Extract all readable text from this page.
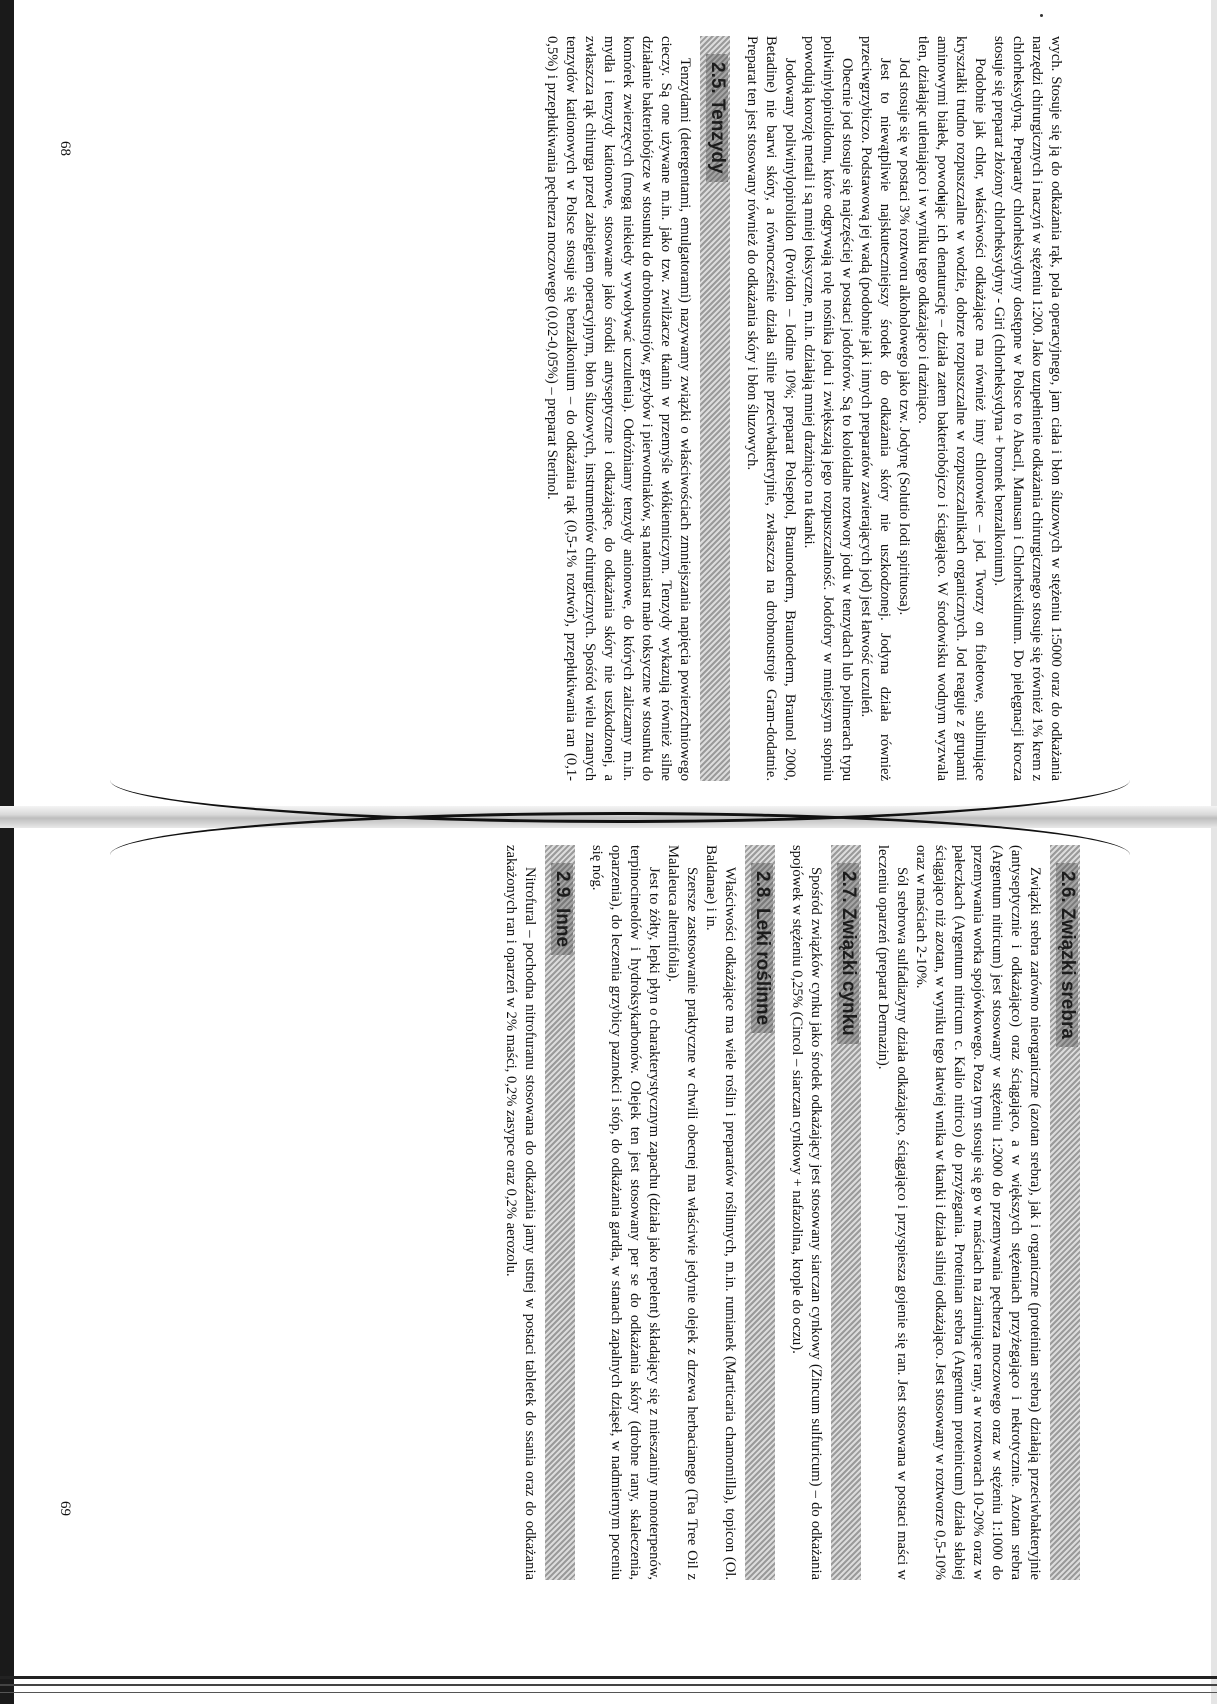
68
69

wych. Stosuje się ją do odkażania rąk, pola operacyjnego, jam ciała i błon śluzowych w stężeniu 1:5000 oraz do odkażania narzędzi chirurgicznych i naczyń w stężeniu 1:200. Jako uzupełnienie odkażania chirurgicznego stosuje się również 1% krem z chlorheksydyną. Preparaty chlorheksydyny dostępne w Polsce to Abacil, Manusan i Chlorhexidinum. Do pielęgnacji krocza stosuje się preparat złożony chlorheksydyny - Giri (chlorheksydyna + bromek benzalkonium).

Podobnie jak chlor, właściwości odkażające ma również inny chlorowiec – jod. Tworzy on fioletowe, sublimujące kryształki trudno rozpuszczalne w wodzie, dobrze rozpuszczalne w rozpuszczalnikach organicznych. Jod reaguje z grupami aminowymi białek, powodując ich denaturację – działa zatem bakteriobójczo i ściągająco. W środowisku wodnym wyzwala tlen, działając utleniająco i w wyniku tego odkażająco i drażniąco.

Jod stosuje się w postaci 3% roztworu alkoholowego jako tzw. Jodynę (Solutio Iodi spirituosa).

Jest to niewątpliwie najskuteczniejszy środek do odkażania skóry nie uszkodzonej. Jodyna działa również przeciwgrzybiczo. Podstawową jej wadą (podobnie jak i innych preparatów zawierających jod) jest łatwość uczuleń.

Obecnie jod stosuje się najczęściej w postaci jodoforów. Są to koloidalne roztwory jodu w tenzydach lub polimerach typu poliwinylopirolidonu, które odgrywają rolę nośnika jodu i zwiększają jego rozpuszczalność. Jodofory w mniejszym stopniu powodują korozję metali i są mniej toksyczne, m.in. działają mniej drażniąco na tkanki.

Jodowany poliwinylopirolidon (Povidon – Iodine 10%; preparat Polseptol, Braunoderm, Braunoderm, Braunol 2000, Betadine) nie barwi skóry, a równocześnie działa silnie przeciwbakteryjnie, zwłaszcza na drobnoustroje Gram-dodatnie. Preparat ten jest stosowany również do odkażania skóry i błon śluzowych.

2.5. Tenzydy

Tenzydami (detergentami, emulgatorami) nazywamy związki o właściwościach zmniejszania napięcia powierzchniowego cieczy. Są one używane m.in. jako tzw. zwilżacze tkanin w przemyśle włókienniczym. Tenzydy wykazują również silne działanie bakteriobójcze w stosunku do drobnoustrojów, grzybów i pierwotniaków, są natomiast mało toksyczne w stosunku do komórek zwierzęcych (mogą niekiedy wywoływać uczulenia). Odróżniamy tenzydy anionowe, do których zaliczamy m.in. mydła i tenzydy kationowe, stosowane jako środki antyseptyczne i odkażające, do odkażania skóry nie uszkodzonej, a zwłaszcza rąk chirurga przed zabiegiem operacyjnym, błon śluzowych, instrumentów chirurgicznych. Spośród wielu znanych tenzydów kationowych w Polsce stosuje się benzalkonium – do odkażania rąk (0,5-1% roztwór), przepłukiwania ran (0,1-0,5%) i przepłukiwania pęcherza moczowego (0,02-0,05%) – preparat Sterinol.

2.6. Związki srebra

Związki srebra zarówno nieorganiczne (azotan srebra), jak i organiczne (proteinian srebra) działają przeciwbakteryjnie (antyseptycznie i odkażająco) oraz ściągająco, a w większych stężeniach przyżegająco i nekrotycznie. Azotan srebra (Argentum nitricum) jest stosowany w stężeniu 1:2000 do przemywania pęcherza moczowego oraz w stężeniu 1:1000 do przemywania worka spojówkowego. Poza tym stosuje się go w maściach na ziarniujące rany, a w roztworach 10-20% oraz w pałeczkach (Argentum nitricum c. Kalio nitrico) do przyżegania. Proteinian srebra (Argentum proteinicum) działa słabiej ściągająco niż azotan, w wyniku tego łatwiej wnika w tkanki i działa silniej odkażająco. Jest stosowany w roztworze 0,5-10% oraz w maściach 2-10%.

Sól srebrowa sulfadiazyny działa odkażająco, ściągająco i przyspiesza gojenie się ran. Jest stosowana w postaci maści w leczeniu oparzeń (preparat Dermazin).

2.7. Związki cynku

Spośród związków cynku jako środek odkażający jest stosowany siarczan cynkowy (Zincum sulfuricum) – do odkażania spojówek w stężeniu 0,25% (Cincol – siarczan cynkowy + nafazolina, krople do oczu).

2.8. Leki roślinne

Właściwości odkażające ma wiele roślin i preparatów roślinnych, m.in. rumianek (Marticaria chamomilla), topicon (Ol. Baldanae) i in.

Szersze zastosowanie praktyczne w chwili obecnej ma właściwie jedynie olejek z drzewa herbacianego (Tea Tree Oil z Malaleuca alternifolia).

Jest to żółty, lepki płyn o charakterystycznym zapachu (działa jako repelent) składający się z mieszaniny monoterpenów, terpinocineolów i hydroksykarbonów. Olejek ten jest stosowany per se do odkażania skóry (drobne rany, skaleczenia, oparzenia), do leczenia grzybicy paznokci i stóp, do odkażania gardła, w stanach zapalnych dziąseł, w nadmiernym poceniu się nóg.

2.9. Inne

Nitrofural – pochodna nitrofuranu stosowana do odkażania jamy ustnej w postaci tabletek do ssania oraz do odkażania zakażonych ran i oparzeń w 2% maści, 0,2% zasypce oraz 0,2% aerozolu.
